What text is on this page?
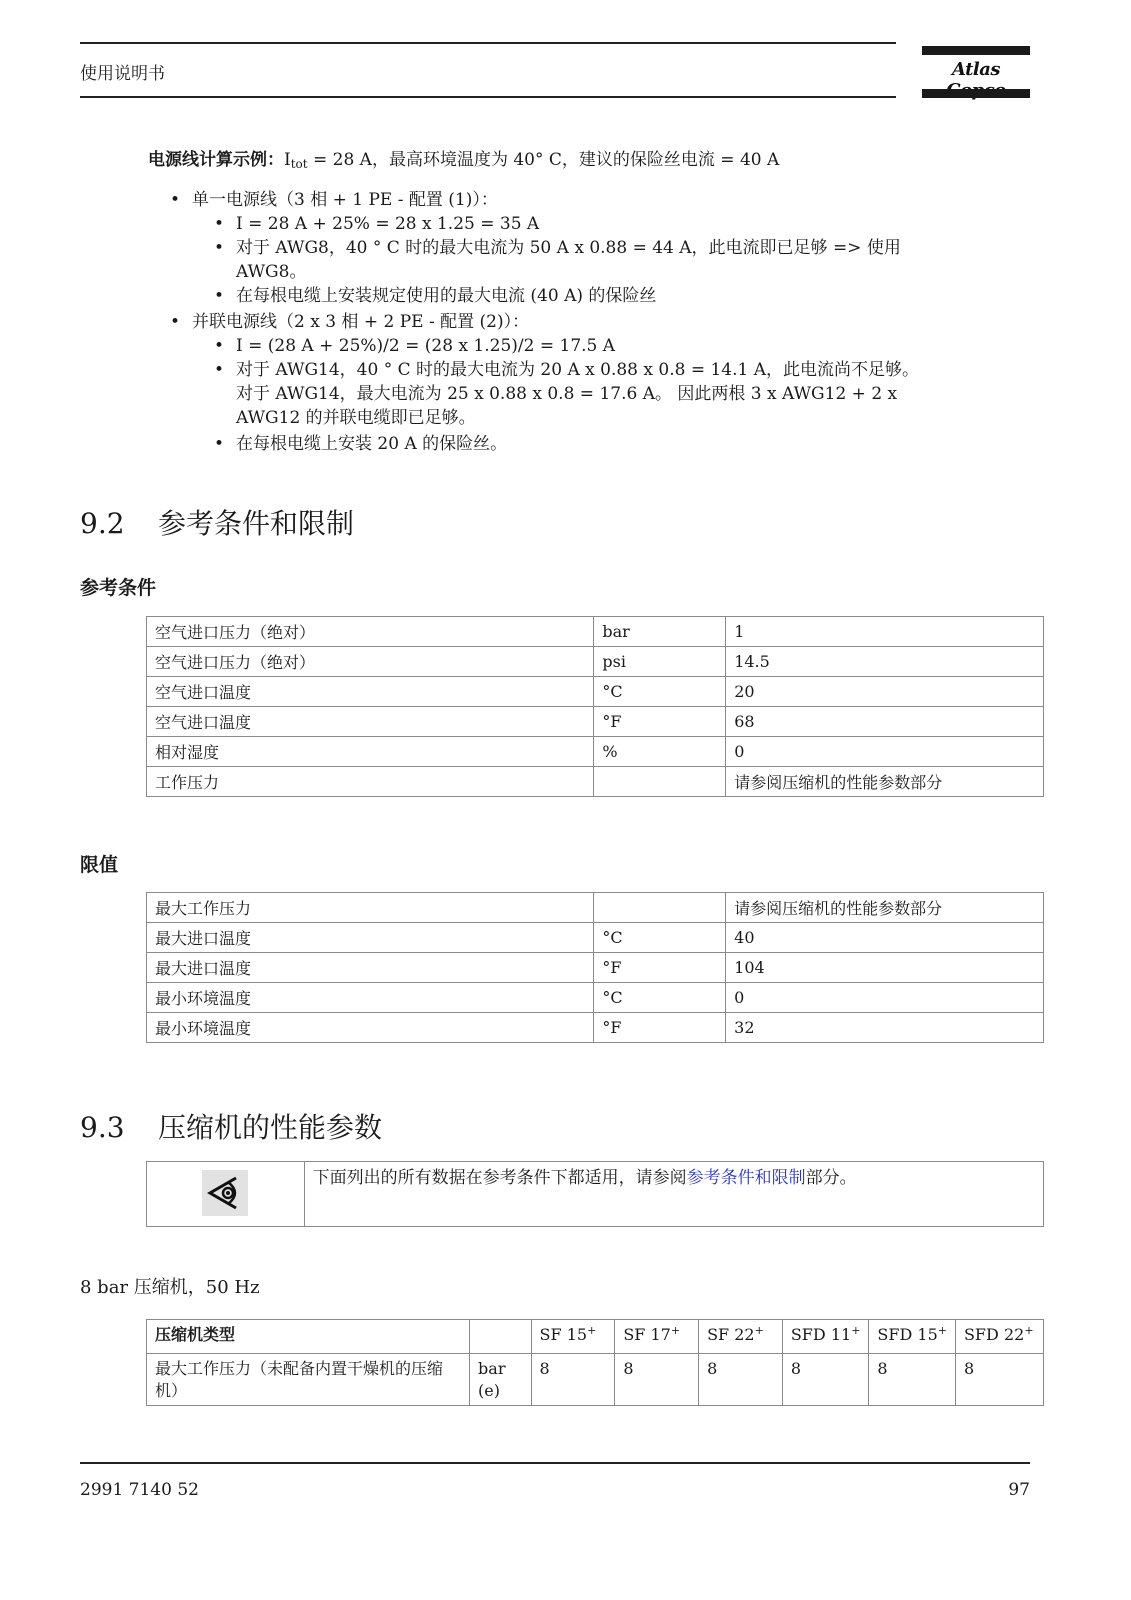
使用说明书	Atlas
电源线计算示例：$I_{tot} = 28$ A，最高环境温度为 40° C，建议的保险丝电流 = 40 A
• 单一电源线（3 相 + 1 PE - 配置 (1)）：
• I = 28 A + 25% = 28 x 1.25 = 35 A
• 对于 AWG8，40 ° C 时的最大电流为 50 A x 0.88 = 44 A，此电流即已足够 => 使用
AWG8。
• 在每根电缆上安装规定使用的最大电流 (40 A) 的保险丝
• 并联电源线（2 x 3 相 + 2 PE - 配置 (2)）：
• I = (28 A + 25%)/2 = (28 x 1.25)/2 = 17.5 A
• 对于 AWG14，40 ° C 时的最大电流为 20 A x 0.88 x 0.8 = 14.1 A，此电流尚不足够。
对于 AWG14，最大电流为 25 x 0.88 x 0.8 = 17.6 A。 因此两根 3 x AWG12 + 2 x
AWG12 的并联电缆即已足够。
• 在每根电缆上安装 20 A 的保险丝。
9.2 参考条件和限制
参考条件
空气进口压力（绝对）	bar	1
空气进口压力（绝对）	psi	14.5
空气进口温度	°C	20
空气进口温度	°F	68
相对湿度	%	0
工作压力		请参阅压缩机的性能参数部分
限值
最大工作压力		请参阅压缩机的性能参数部分
最大进口温度	°C	40
最大进口温度	°F	104
最小环境温度	°C	0
最小环境温度	°F	32
9.3 压缩机的性能参数
	下面列出的所有数据在参考条件下都适用，请参阅参考条件和限制部分。
8 bar 压缩机，50 Hz
压缩机类型		SF 15+	SF 17+	SF 22+	SFD 11+	SFD 15+	SFD 22+
最大工作压力（未配备内置干燥机的压缩机）	bar(e)	8	8	8	8	8	8
2991 7140 52	97
